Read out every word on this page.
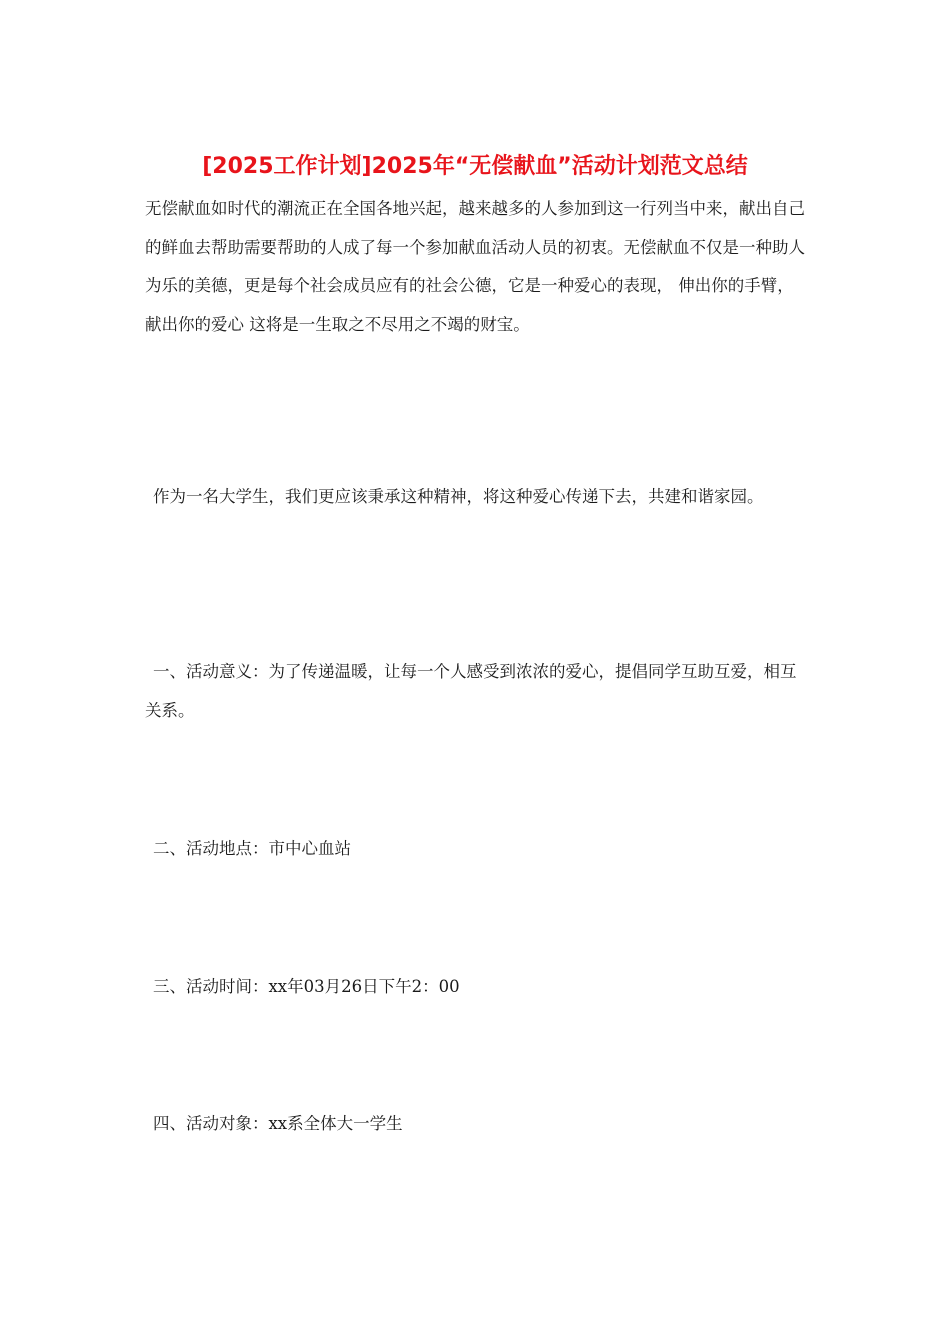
[2025工作计划]2025年“无偿献血”活动计划范文总结

无偿献血如时代的潮流正在全国各地兴起，越来越多的人参加到这一行列当中来，献出自己的鲜血去帮助需要帮助的人成了每一个参加献血活动人员的初衷。无偿献血不仅是一种助人为乐的美德，更是每个社会成员应有的社会公德，它是一种爱心的表现， 伸出你的手臂，献出你的爱心 这将是一生取之不尽用之不竭的财宝。

作为一名大学生，我们更应该秉承这种精神，将这种爱心传递下去，共建和谐家园。

一、活动意义：为了传递温暖，让每一个人感受到浓浓的爱心，提倡同学互助互爱，相互关系。

二、活动地点：市中心血站
三、活动时间：xx年03月26日下午2：00
四、活动对象：xx系全体大一学生
